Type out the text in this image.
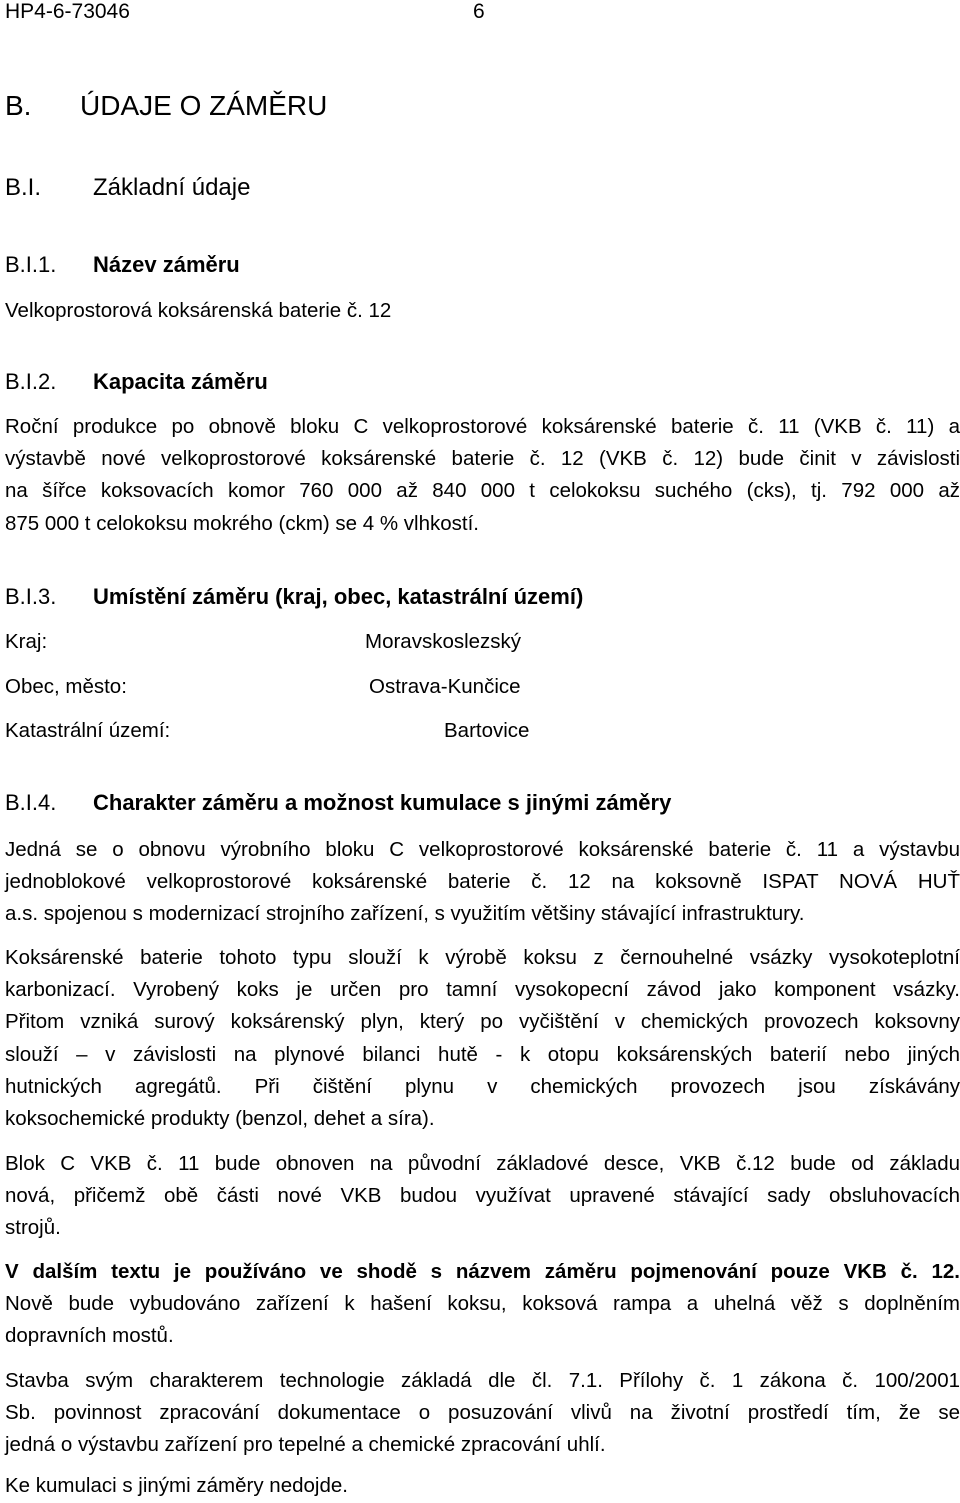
HP4-6-73046	6
B. ÚDAJE O ZÁMĚRU
B.I. Základní údaje
B.I.1. Název záměru
Velkoprostorová koksárenská baterie č. 12
B.I.2. Kapacita záměru
Roční produkce po obnově bloku C velkoprostorové koksárenské baterie č. 11 (VKB č. 11) a
výstavbě nové velkoprostorové koksárenské baterie č. 12 (VKB č. 12) bude činit v závislosti
na šířce koksovacích komor 760 000 až 840 000 t celokoksu suchého (cks), tj. 792 000 až
875 000 t celokoksu mokrého (ckm) se 4 % vlhkostí.
B.I.3. Umístění záměru (kraj, obec, katastrální území)
Kraj:	Moravskoslezský
Obec, město:	Ostrava-Kunčice
Katastrální území:	Bartovice
B.I.4. Charakter záměru a možnost kumulace s jinými záměry
Jedná se o obnovu výrobního bloku C velkoprostorové koksárenské baterie č. 11 a výstavbu
jednoblokové velkoprostorové koksárenské baterie č. 12 na koksovně ISPAT NOVÁ HUŤ
a.s. spojenou s modernizací strojního zařízení, s využitím většiny stávající infrastruktury.
Koksárenské baterie tohoto typu slouží k výrobě koksu z černouhelné vsázky vysokoteplotní
karbonizací. Vyrobený koks je určen pro tamní vysokopecní závod jako komponent vsázky.
Přitom vzniká surový koksárenský plyn, který po vyčištění v chemických provozech koksovny
slouží – v závislosti na plynové bilanci hutě - k otopu koksárenských baterií nebo jiných
hutnických agregátů. Při čištění plynu v chemických provozech jsou získávány
koksochemické produkty (benzol, dehet a síra).
Blok C VKB č. 11 bude obnoven na původní základové desce, VKB č.12 bude od základu
nová, přičemž obě části nové VKB budou využívat upravené stávající sady obsluhovacích
strojů.
V dalším textu je používáno ve shodě s názvem záměru pojmenování pouze VKB č. 12.
Nově bude vybudováno zařízení k hašení koksu, koksová rampa a uhelná věž s doplněním
dopravních mostů.
Stavba svým charakterem technologie základá dle čl. 7.1. Přílohy č. 1 zákona č. 100/2001
Sb. povinnost zpracování dokumentace o posuzování vlivů na životní prostředí tím, že se
jedná o výstavbu zařízení pro tepelné a chemické zpracování uhlí.
Ke kumulaci s jinými záměry nedojde.
